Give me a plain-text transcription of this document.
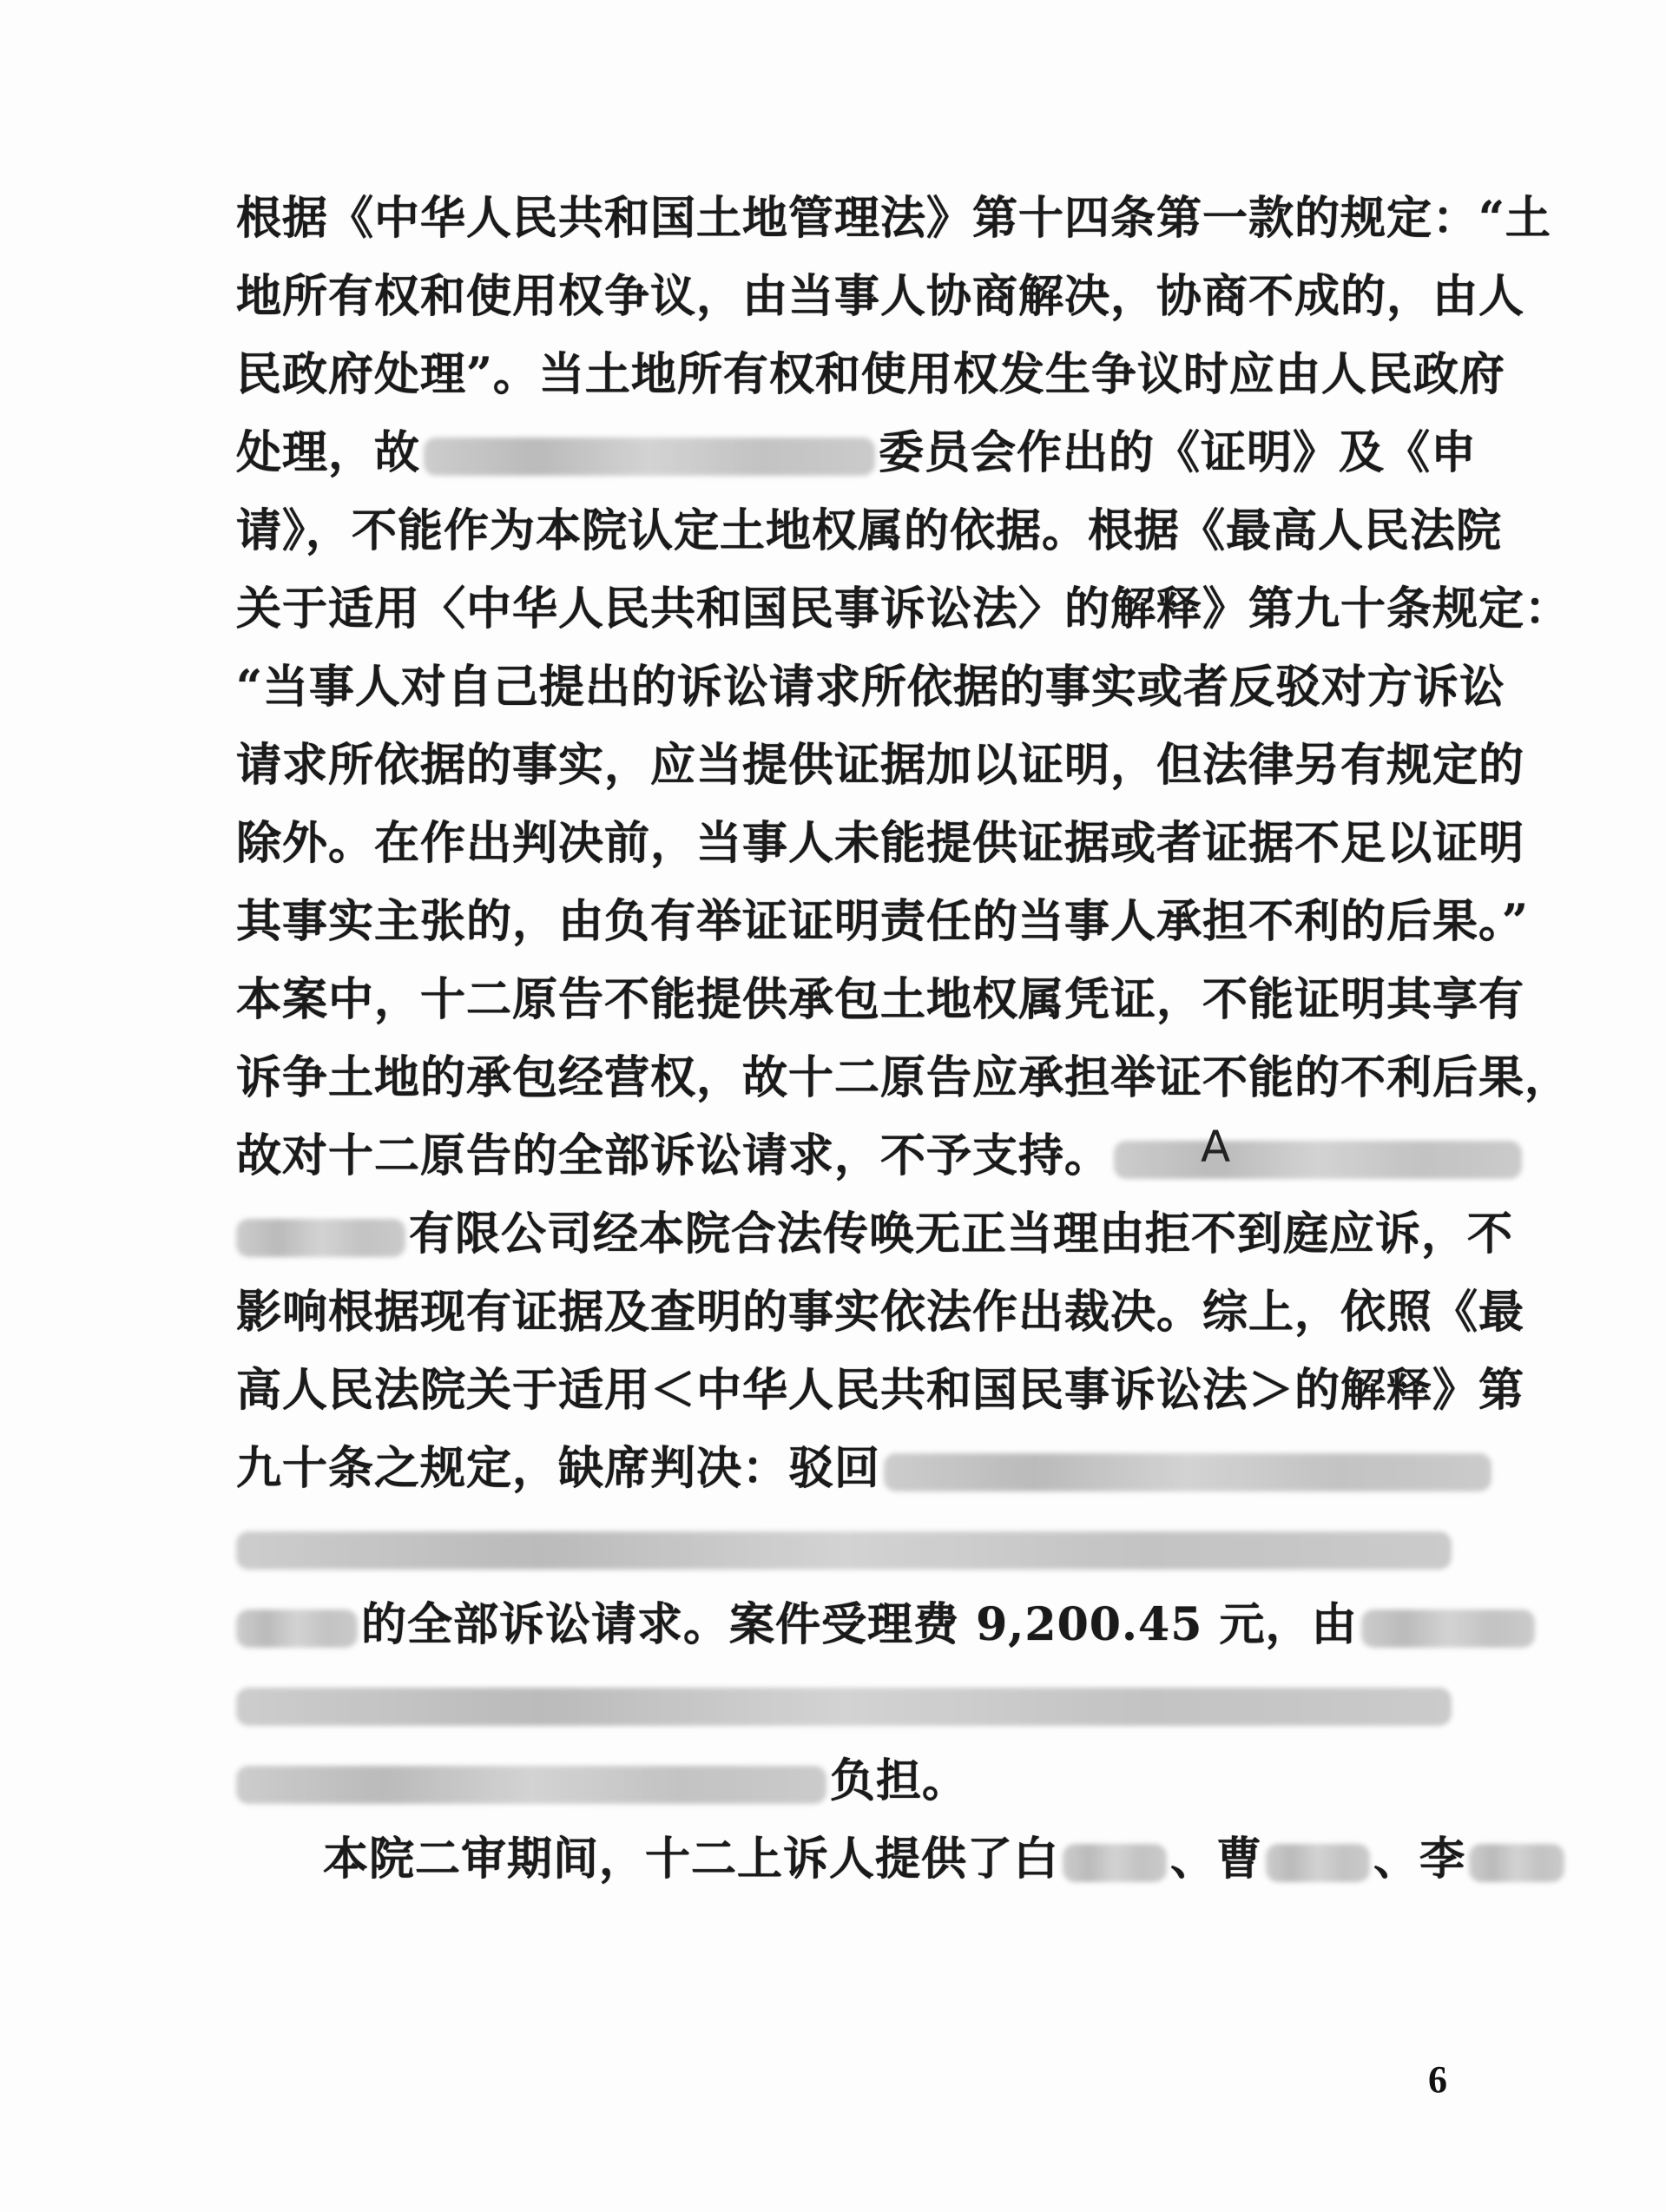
根据《中华人民共和国土地管理法》第十四条第一款的规定：“土
地所有权和使用权争议，由当事人协商解决，协商不成的，由人
民政府处理”。当土地所有权和使用权发生争议时应由人民政府
处理，故	委员会作出的《证明》及《申
请》，不能作为本院认定土地权属的依据。根据《最高人民法院
关于适用〈中华人民共和国民事诉讼法〉的解释》第九十条规定：
“当事人对自己提出的诉讼请求所依据的事实或者反驳对方诉讼
请求所依据的事实，应当提供证据加以证明，但法律另有规定的
除外。在作出判决前，当事人未能提供证据或者证据不足以证明
其事实主张的，由负有举证证明责任的当事人承担不利的后果。”
本案中，十二原告不能提供承包土地权属凭证，不能证明其享有
诉争土地的承包经营权，故十二原告应承担举证不能的不利后果，
故对十二原告的全部诉讼请求，不予支持。	A
有限公司经本院合法传唤无正当理由拒不到庭应诉，不
影响根据现有证据及查明的事实依法作出裁决。综上，依照《最
高人民法院关于适用＜中华人民共和国民事诉讼法＞的解释》第
九十条之规定，缺席判决：驳回
的全部诉讼请求。案件受理费 9,200.45 元，由
负担。
本院二审期间，十二上诉人提供了白 、曹 、李
6
